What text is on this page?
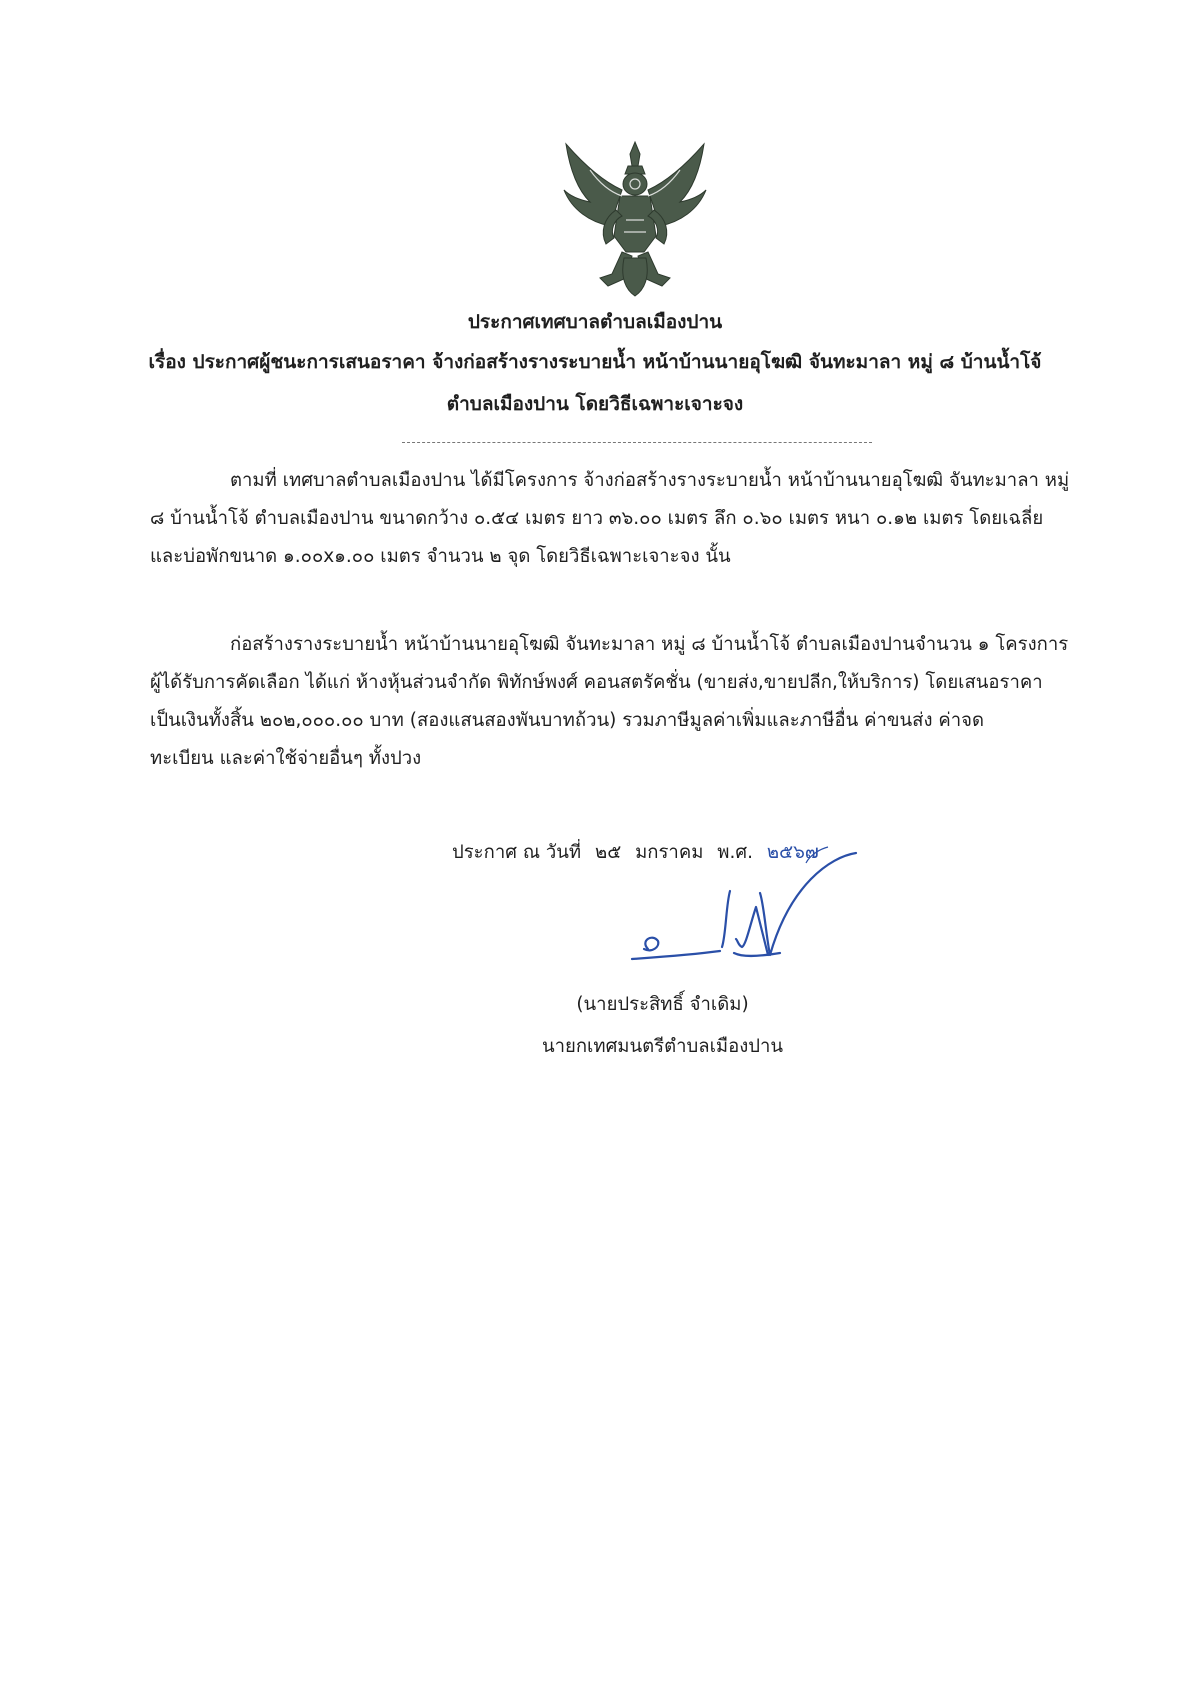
ประกาศเทศบาลตำบลเมืองปาน
เรื่อง ประกาศผู้ชนะการเสนอราคา จ้างก่อสร้างรางระบายน้ำ หน้าบ้านนายอุโฆฒิ จันทะมาลา หมู่ ๘ บ้านน้ำโจ้
ตำบลเมืองปาน โดยวิธีเฉพาะเจาะจง

ตามที่ เทศบาลตำบลเมืองปาน ได้มีโครงการ จ้างก่อสร้างรางระบายน้ำ หน้าบ้านนายอุโฆฒิ จันทะมาลา หมู่

๘ บ้านน้ำโจ้ ตำบลเมืองปาน ขนาดกว้าง ๐.๕๔ เมตร ยาว ๓๖.๐๐ เมตร ลึก ๐.๖๐ เมตร หนา ๐.๑๒ เมตร โดยเฉลี่ย

และบ่อพักขนาด ๑.๐๐x๑.๐๐ เมตร จำนวน ๒ จุด โดยวิธีเฉพาะเจาะจง นั้น

ก่อสร้างรางระบายน้ำ หน้าบ้านนายอุโฆฒิ จันทะมาลา หมู่ ๘ บ้านน้ำโจ้ ตำบลเมืองปานจำนวน ๑ โครงการ

ผู้ได้รับการคัดเลือก ได้แก่ ห้างหุ้นส่วนจำกัด พิทักษ์พงศ์ คอนสตรัคชั่น (ขายส่ง,ขายปลีก,ให้บริการ) โดยเสนอราคา

เป็นเงินทั้งสิ้น ๒๐๒,๐๐๐.๐๐ บาท (สองแสนสองพันบาทถ้วน) รวมภาษีมูลค่าเพิ่มและภาษีอื่น ค่าขนส่ง ค่าจด

ทะเบียน และค่าใช้จ่ายอื่นๆ ทั้งปวง

ประกาศ ณ วันที่ ๒๕ มกราคม พ.ศ. ๒๕๖๗
(นายประสิทธิ์ จำเดิม)
นายกเทศมนตรีตำบลเมืองปาน
